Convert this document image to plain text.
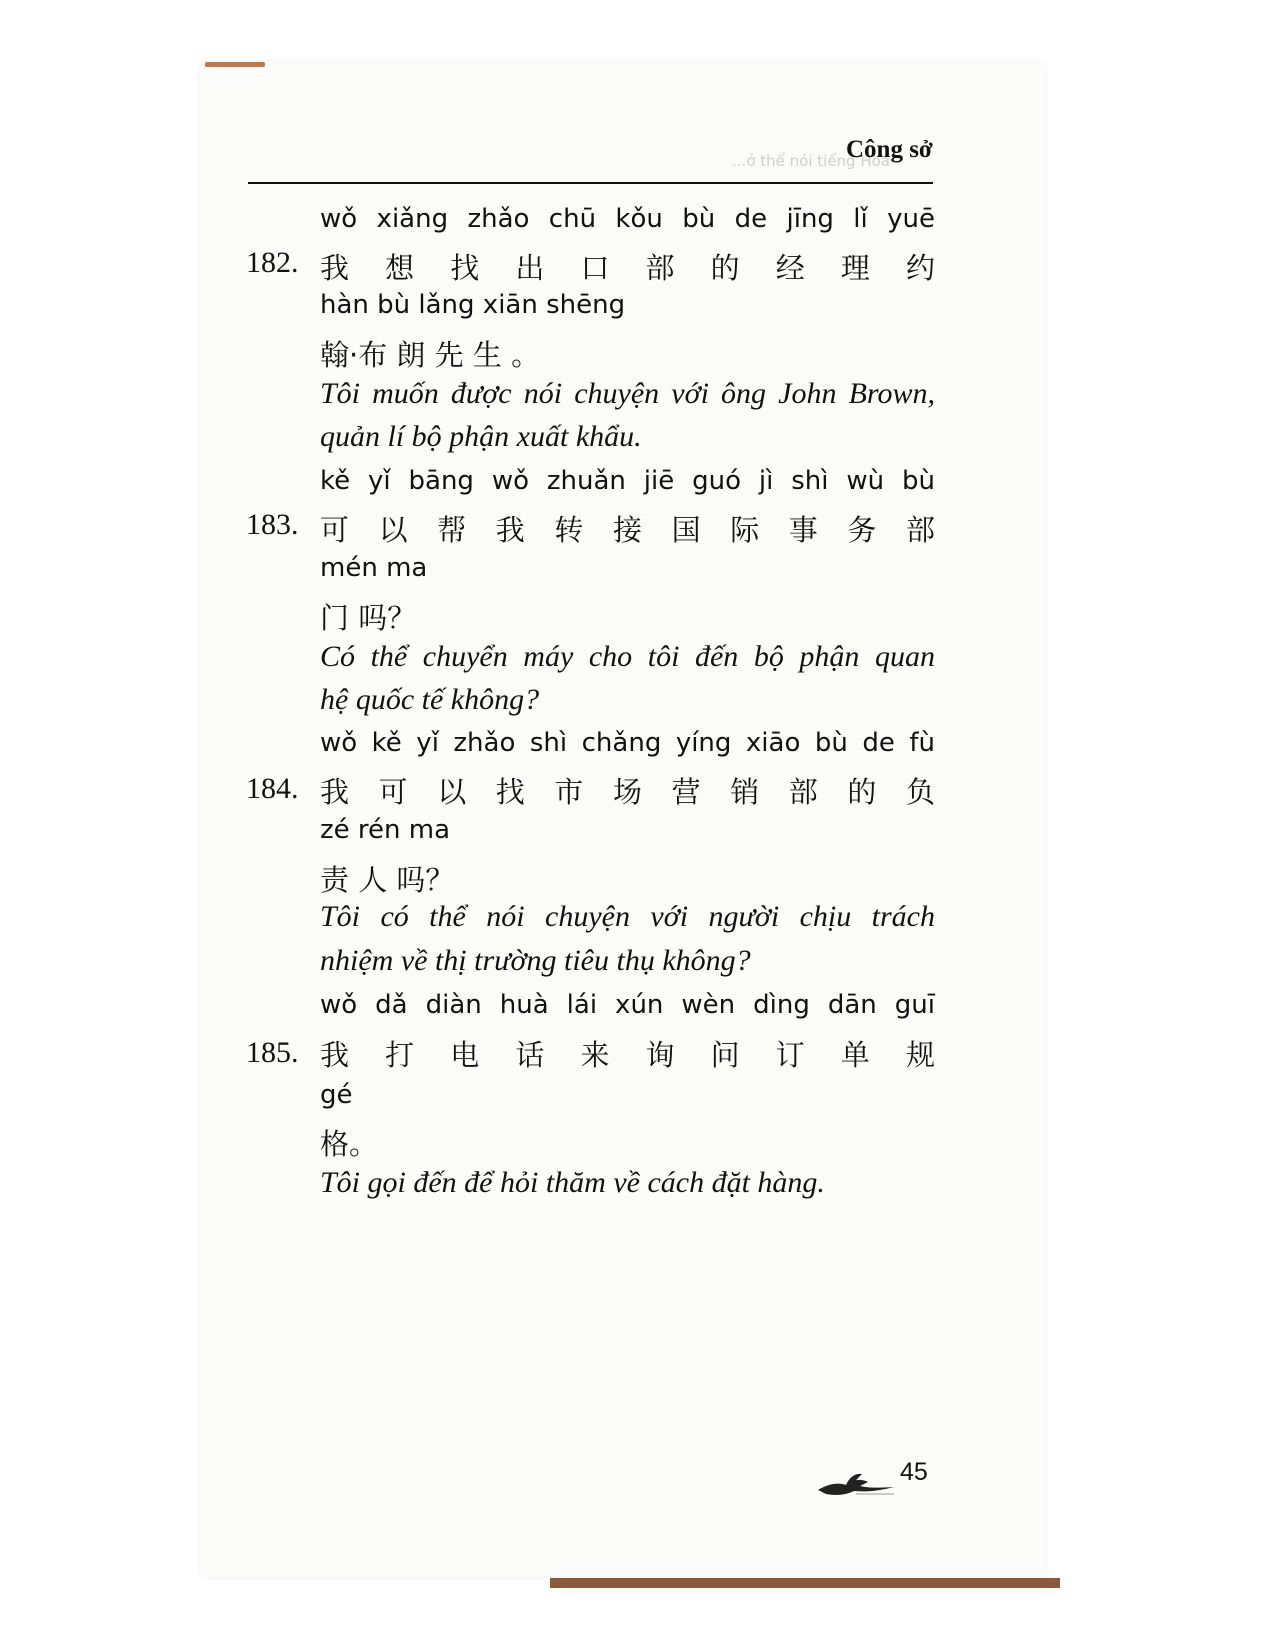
...ở thể nói tiếng Hoa
Công sở
182.
wǒ xiǎng zhǎo chū kǒu bù de jīng lǐ yuē
我 想 找 出 口 部 的 经 理 约
hàn bù lǎng xiān shēng
翰·布 朗 先 生 。
Tôi muốn được nói chuyện với ông John Brown,
quản lí bộ phận xuất khẩu.
183.
kě yǐ bāng wǒ zhuǎn jiē guó jì shì wù bù
可 以 帮 我 转 接 国 际 事 务 部
mén ma
门 吗？
Có thể chuyển máy cho tôi đến bộ phận quan
hệ quốc tế không?
184.
wǒ kě yǐ zhǎo shì chǎng yíng xiāo bù de fù
我 可 以 找 市 场 营 销 部 的 负
zé rén ma
责 人 吗？
Tôi có thể nói chuyện với người chịu trách
nhiệm về thị trường tiêu thụ không?
185.
wǒ dǎ diàn huà lái xún wèn dìng dān guī
我 打 电 话 来 询 问 订 单 规
gé
格。
Tôi gọi đến để hỏi thăm về cách đặt hàng.
45
